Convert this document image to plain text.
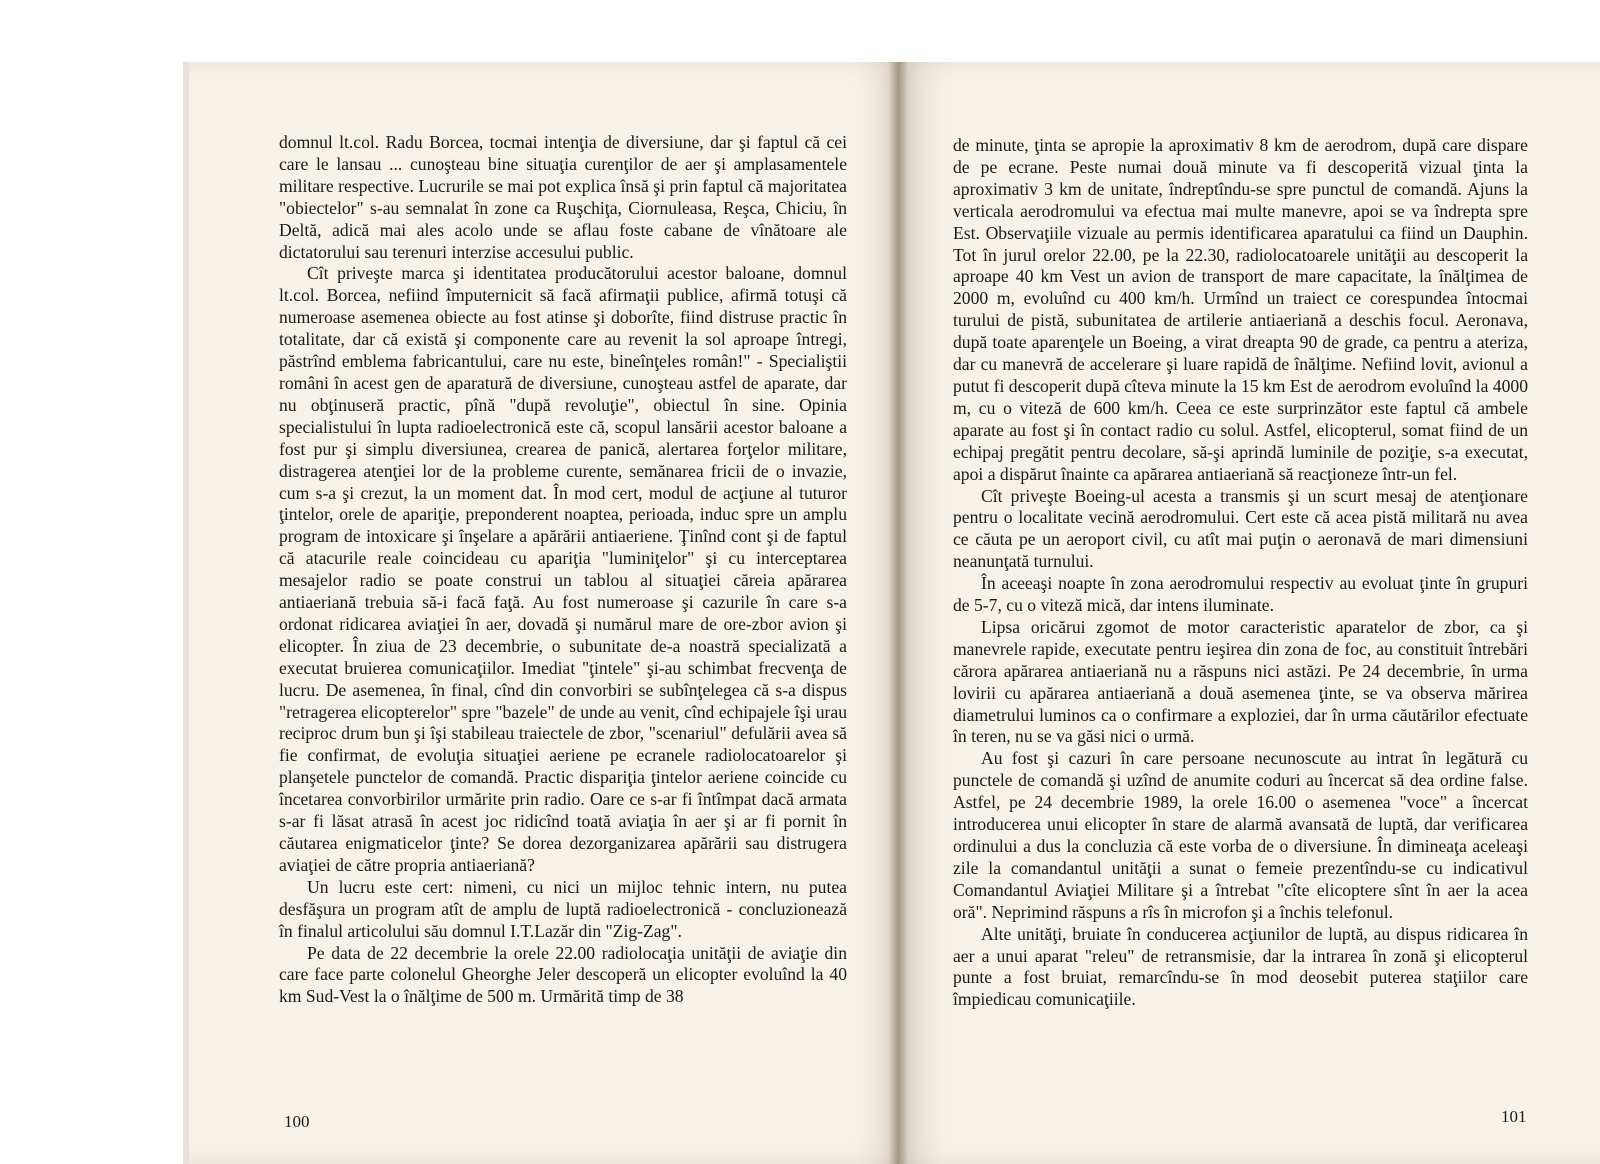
domnul lt.col. Radu Borcea, tocmai intenţia de diversiune, dar şi faptul că cei care le lansau ... cunoşteau bine situaţia curenţilor de aer şi amplasamentele militare respective. Lucrurile se mai pot explica însă şi prin faptul că majoritatea "obiectelor" s-au semnalat în zone ca Ruşchiţa, Ciornuleasa, Reşca, Chiciu, în Deltă, adică mai ales acolo unde se aflau foste cabane de vînătoare ale dictatorului sau terenuri interzise accesului public.

Cît priveşte marca şi identitatea producătorului acestor baloane, domnul lt.col. Borcea, nefiind împuternicit să facă afirmaţii publice, afirmă totuşi că numeroase asemenea obiecte au fost atinse şi doborîte, fiind distruse practic în totalitate, dar că există şi componente care au revenit la sol aproape întregi, păstrînd emblema fabricantului, care nu este, bineînţeles român!" - Specialiştii români în acest gen de aparatură de diversiune, cunoşteau astfel de aparate, dar nu obţinuseră practic, pînă "după revoluţie", obiectul în sine. Opinia specialistului în lupta radioelectronică este că, scopul lansării acestor baloane a fost pur şi simplu diversiunea, crearea de panică, alertarea forţelor militare, distragerea atenţiei lor de la probleme curente, semănarea fricii de o invazie, cum s-a şi crezut, la un moment dat. În mod cert, modul de acţiune al tuturor ţintelor, orele de apariţie, preponderent noaptea, perioada, induc spre un amplu program de intoxicare şi înşelare a apărării antiaeriene. Ţinînd cont şi de faptul că atacurile reale coincideau cu apariţia "luminiţelor" şi cu interceptarea mesajelor radio se poate construi un tablou al situaţiei căreia apărarea antiaeriană trebuia să-i facă faţă. Au fost numeroase şi cazurile în care s-a ordonat ridicarea aviaţiei în aer, dovadă şi numărul mare de ore-zbor avion şi elicopter. În ziua de 23 decembrie, o subunitate de-a noastră specializată a executat bruierea comunicaţiilor. Imediat "ţintele" şi-au schimbat frecvenţa de lucru. De asemenea, în final, cînd din convorbiri se subînţelegea că s-a dispus "retragerea elicopterelor" spre "bazele" de unde au venit, cînd echipajele îşi urau reciproc drum bun şi îşi stabileau traiectele de zbor, "scenariul" defulării avea să fie confirmat, de evoluţia situaţiei aeriene pe ecranele radiolocatoarelor şi planşetele punctelor de comandă. Practic dispariţia ţintelor aeriene coincide cu încetarea convorbirilor urmărite prin radio. Oare ce s-ar fi întîmpat dacă armata s-ar fi lăsat atrasă în acest joc ridicînd toată aviaţia în aer şi ar fi pornit în căutarea enigmaticelor ţinte? Se dorea dezorganizarea apărării sau distrugera aviaţiei de către propria antiaeriană?

Un lucru este cert: nimeni, cu nici un mijloc tehnic intern, nu putea desfăşura un program atît de amplu de luptă radioelectronică - concluzionează în finalul articolului său domnul I.T.Lazăr din "Zig-Zag".

Pe data de 22 decembrie la orele 22.00 radiolocaţia unităţii de aviaţie din care face parte colonelul Gheorghe Jeler descoperă un elicopter evoluînd la 40 km Sud-Vest la o înălţime de 500 m. Urmărită timp de 38

100

de minute, ţinta se apropie la aproximativ 8 km de aerodrom, după care dispare de pe ecrane. Peste numai două minute va fi descoperită vizual ţinta la aproximativ 3 km de unitate, îndreptîndu-se spre punctul de comandă. Ajuns la verticala aerodromului va efectua mai multe manevre, apoi se va îndrepta spre Est. Observaţiile vizuale au permis identificarea aparatului ca fiind un Dauphin. Tot în jurul orelor 22.00, pe la 22.30, radiolocatoarele unităţii au descoperit la aproape 40 km Vest un avion de transport de mare capacitate, la înălţimea de 2000 m, evoluînd cu 400 km/h. Urmînd un traiect ce corespundea întocmai turului de pistă, subunitatea de artilerie antiaeriană a deschis focul. Aeronava, după toate aparenţele un Boeing, a virat dreapta 90 de grade, ca pentru a ateriza, dar cu manevră de accelerare şi luare rapidă de înălţime. Nefiind lovit, avionul a putut fi descoperit după cîteva minute la 15 km Est de aerodrom evoluînd la 4000 m, cu o viteză de 600 km/h. Ceea ce este surprinzător este faptul că ambele aparate au fost şi în contact radio cu solul. Astfel, elicopterul, somat fiind de un echipaj pregătit pentru decolare, să-şi aprindă luminile de poziţie, s-a executat, apoi a dispărut înainte ca apărarea antiaeriană să reacţioneze într-un fel.

Cît priveşte Boeing-ul acesta a transmis şi un scurt mesaj de atenţionare pentru o localitate vecină aerodromului. Cert este că acea pistă militară nu avea ce căuta pe un aeroport civil, cu atît mai puţin o aeronavă de mari dimensiuni neanunţată turnului.

În aceeaşi noapte în zona aerodromului respectiv au evoluat ţinte în grupuri de 5-7, cu o viteză mică, dar intens iluminate.

Lipsa oricărui zgomot de motor caracteristic aparatelor de zbor, ca şi manevrele rapide, executate pentru ieşirea din zona de foc, au constituit întrebări cărora apărarea antiaeriană nu a răspuns nici astăzi. Pe 24 decembrie, în urma lovirii cu apărarea antiaeriană a două asemenea ţinte, se va observa mărirea diametrului luminos ca o confirmare a exploziei, dar în urma căutărilor efectuate în teren, nu se va găsi nici o urmă.

Au fost şi cazuri în care persoane necunoscute au intrat în legătură cu punctele de comandă şi uzînd de anumite coduri au încercat să dea ordine false. Astfel, pe 24 decembrie 1989, la orele 16.00 o asemenea "voce" a încercat introducerea unui elicopter în stare de alarmă avansată de luptă, dar verificarea ordinului a dus la concluzia că este vorba de o diversiune. În dimineaţa aceleaşi zile la comandantul unităţii a sunat o femeie prezentîndu-se cu indicativul Comandantul Aviaţiei Militare şi a întrebat "cîte elicoptere sînt în aer la acea oră". Neprimind răspuns a rîs în microfon şi a închis telefonul.

Alte unităţi, bruiate în conducerea acţiunilor de luptă, au dispus ridicarea în aer a unui aparat "releu" de retransmisie, dar la intrarea în zonă şi elicopterul punte a fost bruiat, remarcîndu-se în mod deosebit puterea staţiilor care împiedicau comunicaţiile.

101
